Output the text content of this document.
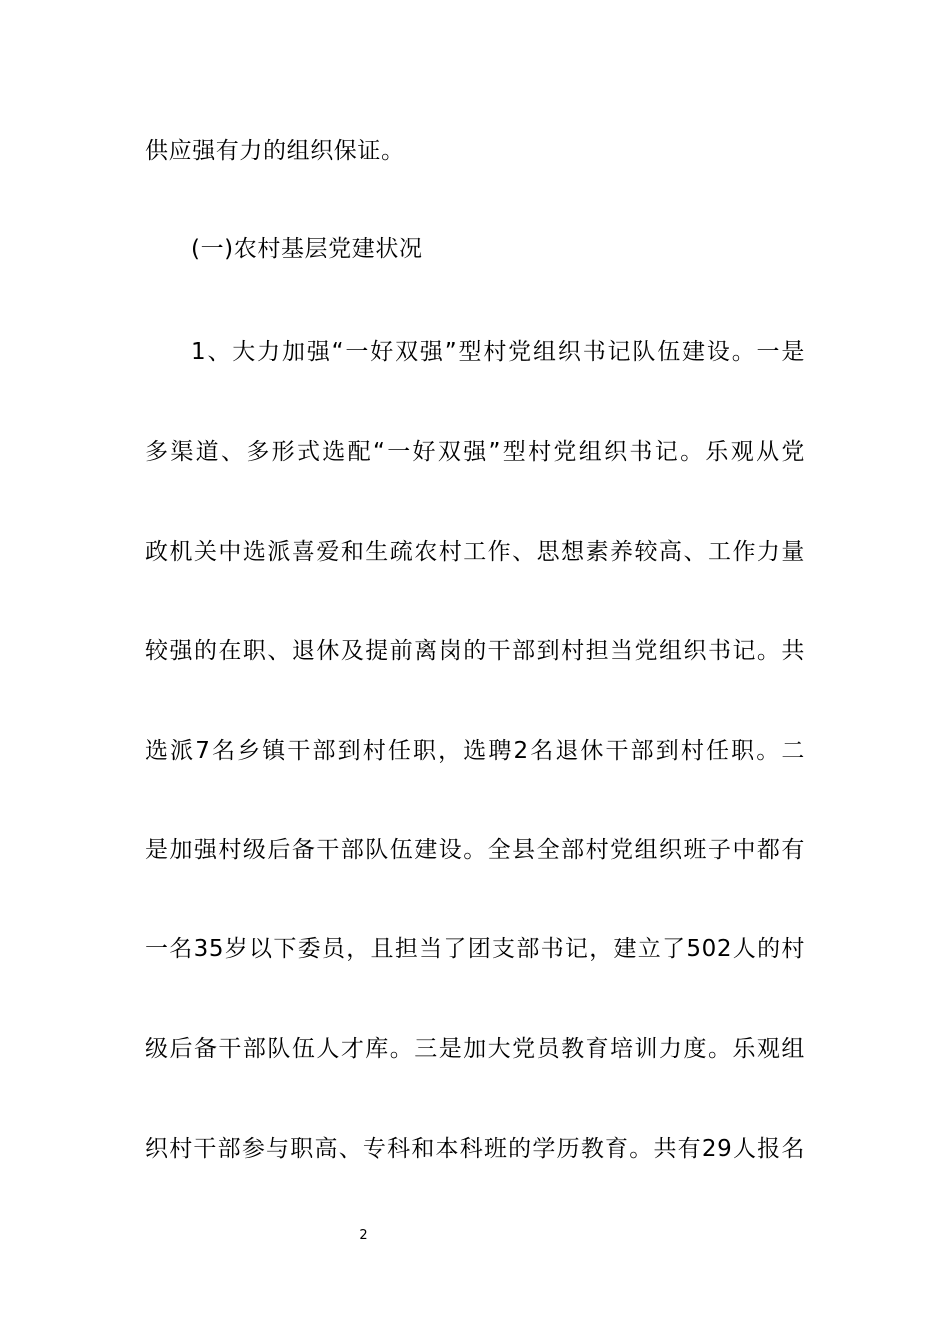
供应强有力的组织保证。
(一)农村基层党建状况
1、大力加强“一好双强”型村党组织书记队伍建设。一是
多渠道、多形式选配“一好双强”型村党组织书记。乐观从党
政机关中选派喜爱和生疏农村工作、思想素养较高、工作力量
较强的在职、退休及提前离岗的干部到村担当党组织书记。共
选派7名乡镇干部到村任职，选聘2名退休干部到村任职。二
是加强村级后备干部队伍建设。全县全部村党组织班子中都有
一名35岁以下委员，且担当了团支部书记，建立了502人的村
级后备干部队伍人才库。三是加大党员教育培训力度。乐观组
织村干部参与职高、专科和本科班的学历教育。共有29人报名
2
